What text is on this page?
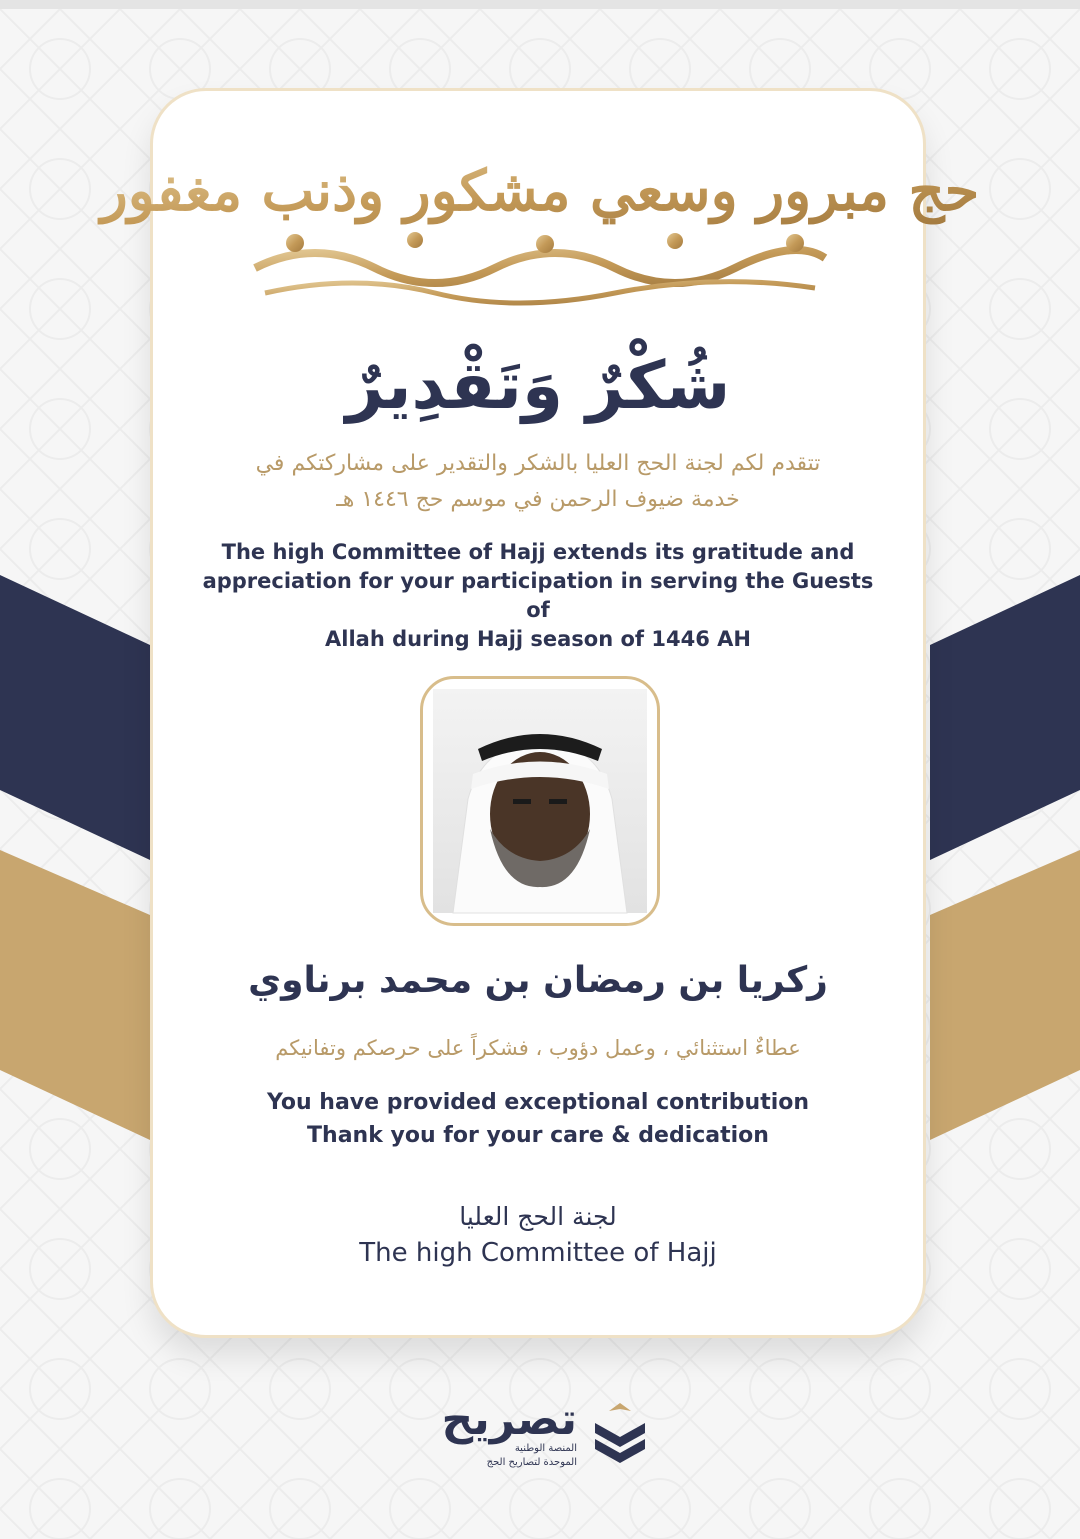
حج مبرور وسعي مشكور وذنب مغفور

شُكْرٌ وَتَقْدِيرٌ

تتقدم لكم لجنة الحج العليا بالشكر والتقدير على مشاركتكم في
خدمة ضيوف الرحمن في موسم حج ١٤٤٦ هـ
The high Committee of Hajj extends its gratitude and
appreciation for your participation in serving the Guests of
Allah during Hajj season of 1446 AH

زكريا بن رمضان بن محمد برناوي

عطاءٌ استثنائي ، وعمل دؤوب ، فشكراً على حرصكم وتفانيكم

You have provided exceptional contribution
Thank you for your care & dedication

لجنة الحج العليا

The high Committee of Hajj

تصريح
المنصة الوطنية
الموحدة لتصاريح الحج
